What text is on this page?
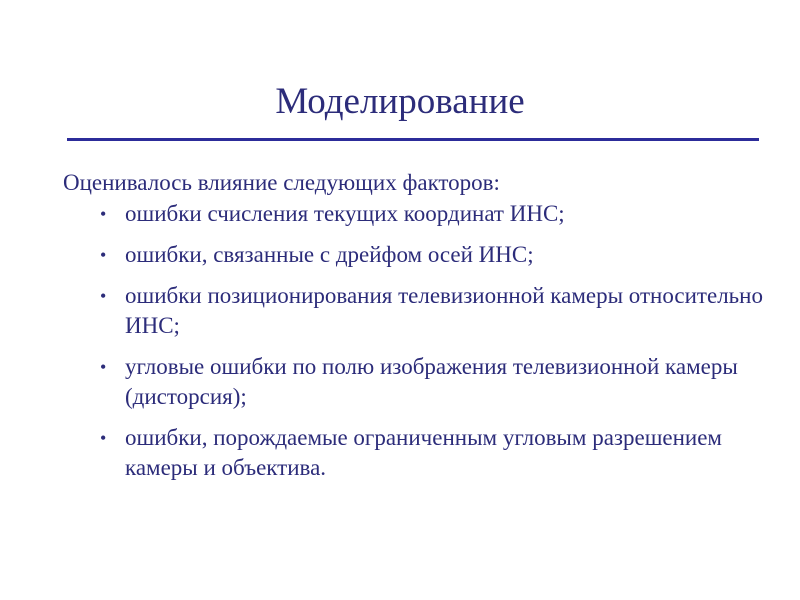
Моделирование
Оценивалось влияние следующих факторов:
• ошибки счисления текущих координат ИНС;
• ошибки, связанные с дрейфом осей ИНС;
• ошибки позиционирования телевизионной камеры относительно ИНС;
• угловые ошибки по полю изображения телевизионной камеры (дисторсия);
• ошибки, порождаемые ограниченным угловым разрешением камеры и объектива.
